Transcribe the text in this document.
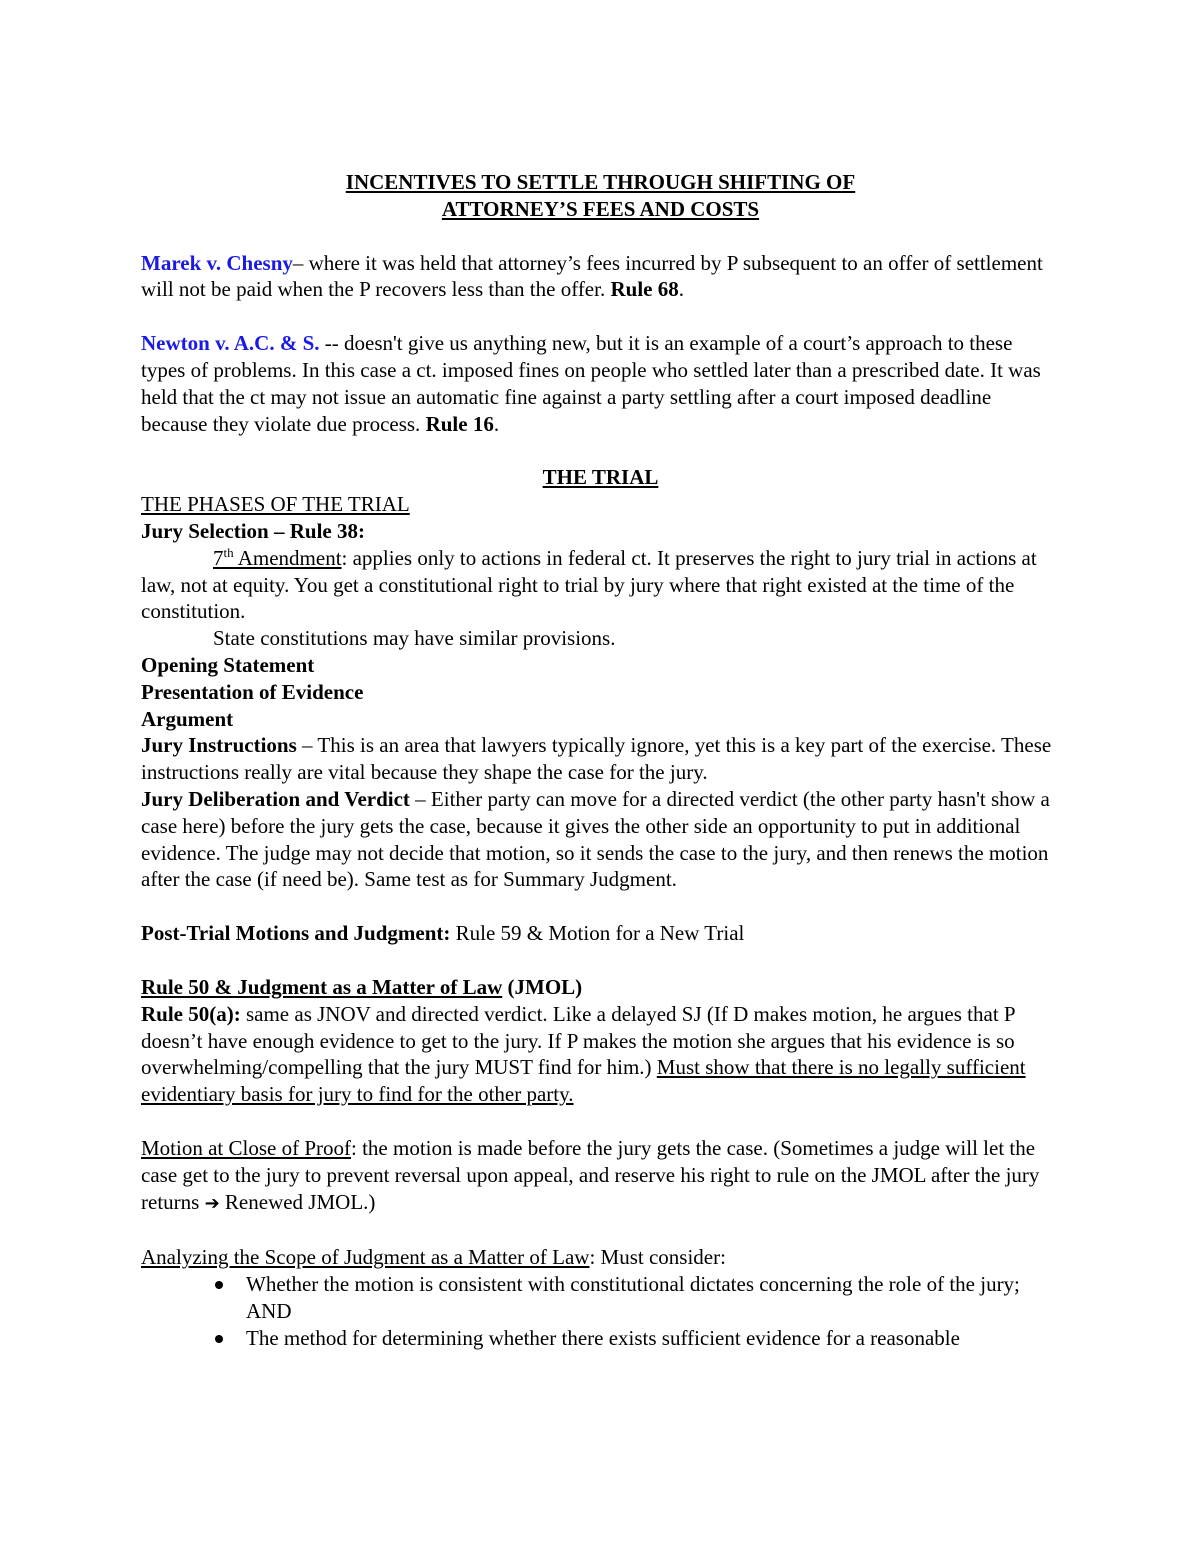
INCENTIVES TO SETTLE THROUGH SHIFTING OF

ATTORNEY’S FEES AND COSTS

Marek v. Chesny– where it was held that attorney’s fees incurred by P subsequent to an offer of settlement will not be paid when the P recovers less than the offer. Rule 68.

Newton v. A.C. & S. -- doesn't give us anything new, but it is an example of a court’s approach to these types of problems. In this case a ct. imposed fines on people who settled later than a prescribed date. It was held that the ct may not issue an automatic fine against a party settling after a court imposed deadline because they violate due process. Rule 16.

THE TRIAL

THE PHASES OF THE TRIAL

Jury Selection – Rule 38:

7th Amendment: applies only to actions in federal ct. It preserves the right to jury trial in actions at law, not at equity. You get a constitutional right to trial by jury where that right existed at the time of the constitution.

State constitutions may have similar provisions.

Opening Statement

Presentation of Evidence

Argument

Jury Instructions – This is an area that lawyers typically ignore, yet this is a key part of the exercise. These instructions really are vital because they shape the case for the jury.

Jury Deliberation and Verdict – Either party can move for a directed verdict (the other party hasn't show a case here) before the jury gets the case, because it gives the other side an opportunity to put in additional evidence. The judge may not decide that motion, so it sends the case to the jury, and then renews the motion after the case (if need be). Same test as for Summary Judgment.

Post-Trial Motions and Judgment: Rule 59 & Motion for a New Trial

Rule 50 & Judgment as a Matter of Law (JMOL)

Rule 50(a): same as JNOV and directed verdict. Like a delayed SJ (If D makes motion, he argues that P doesn’t have enough evidence to get to the jury. If P makes the motion she argues that his evidence is so overwhelming/compelling that the jury MUST find for him.) Must show that there is no legally sufficient evidentiary basis for jury to find for the other party.

Motion at Close of Proof: the motion is made before the jury gets the case. (Sometimes a judge will let the case get to the jury to prevent reversal upon appeal, and reserve his right to rule on the JMOL after the jury returns ➔ Renewed JMOL.)

Analyzing the Scope of Judgment as a Matter of Law: Must consider:

Whether the motion is consistent with constitutional dictates concerning the role of the jury; AND
The method for determining whether there exists sufficient evidence for a reasonable
